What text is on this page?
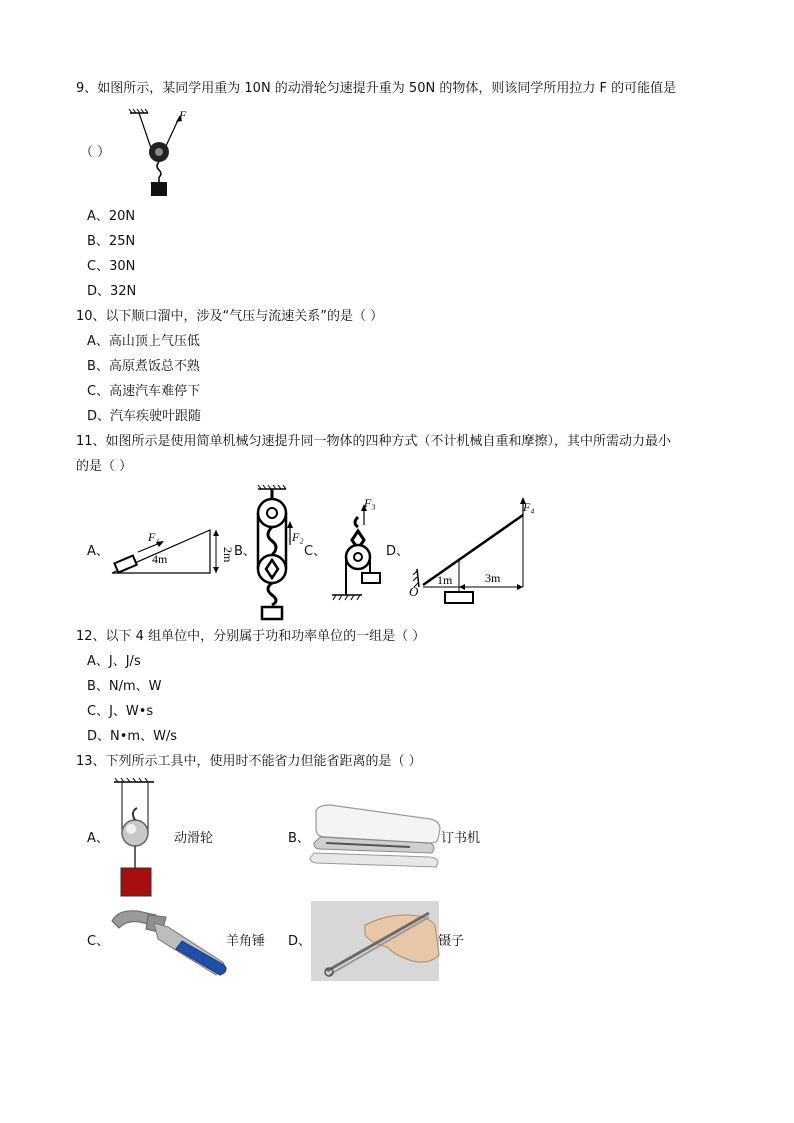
9、如图所示，某同学用重为 10N 的动滑轮匀速提升重为 50N 的物体，则该同学所用拉力 F 的可能值是
（ ）
F
A、20N
B、25N
C、30N
D、32N
10、以下顺口溜中，涉及“气压与流速关系”的是（ ）
A、高山顶上气压低
B、高原煮饭总不熟
C、高速汽车难停下
D、汽车疾驶叶跟随
11、如图所示是使用简单机械匀速提升同一物体的四种方式（不计机械自重和摩擦），其中所需动力最小
的是（ ）
A、	B、	C、	D、
F₁
4m	2m
F₂
F₃
O
F₄
1m	3m
12、以下 4 组单位中，分别属于功和功率单位的一组是（ ）
A、J、J/s
B、N/m、W
C、J、W•s
D、N•m、W/s
13、下列所示工具中，使用时不能省力但能省距离的是（ ）
A、	动滑轮	B、	订书机
C、	羊角锤 D、	镊子
